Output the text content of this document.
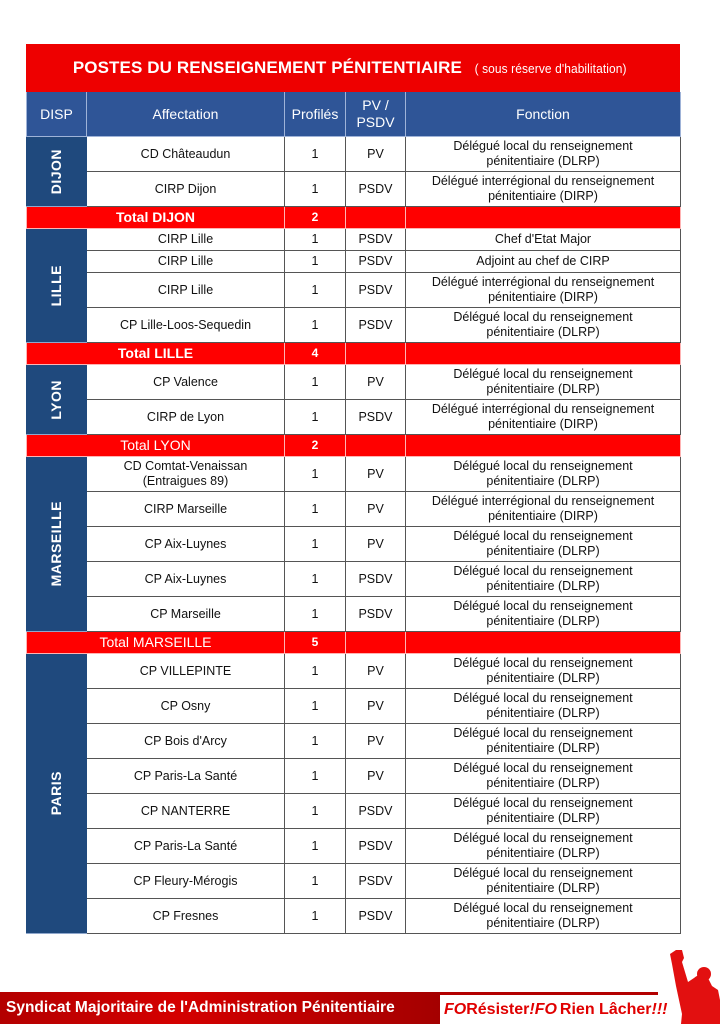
POSTES DU RENSEIGNEMENT PÉNITENTIAIRE ( sous réserve d'habilitation)
DISP	Affectation	Profilés	PV / PSDV	Fonction

DIJON	CD Châteaudun	1	PV	Délégué local du renseignement pénitentiaire (DLRP)
	CIRP Dijon	1	PSDV	Délégué interrégional du renseignement pénitentiaire (DIRP)
Total DIJON		2		

LILLE	CIRP Lille	1	PSDV	Chef d'Etat Major
	CIRP Lille	1	PSDV	Adjoint au chef de CIRP
	CIRP Lille	1	PSDV	Délégué interrégional du renseignement pénitentiaire (DIRP)
	CP Lille-Loos-Sequedin	1	PSDV	Délégué local du renseignement pénitentiaire (DLRP)
Total LILLE		4		

LYON	CP Valence	1	PV	Délégué local du renseignement pénitentiaire (DLRP)
	CIRP de Lyon	1	PSDV	Délégué interrégional du renseignement pénitentiaire (DIRP)
Total LYON		2		

MARSEILLE	CD Comtat-Venaissan (Entraigues 89)	1	PV	Délégué local du renseignement pénitentiaire (DLRP)
	CIRP Marseille	1	PV	Délégué interrégional du renseignement pénitentiaire (DIRP)
	CP Aix-Luynes	1	PV	Délégué local du renseignement pénitentiaire (DLRP)
	CP Aix-Luynes	1	PSDV	Délégué local du renseignement pénitentiaire (DLRP)
	CP Marseille	1	PSDV	Délégué local du renseignement pénitentiaire (DLRP)
Total MARSEILLE		5		

PARIS	CP VILLEPINTE	1	PV	Délégué local du renseignement pénitentiaire (DLRP)
	CP Osny	1	PV	Délégué local du renseignement pénitentiaire (DLRP)
	CP Bois d'Arcy	1	PV	Délégué local du renseignement pénitentiaire (DLRP)
	CP Paris-La Santé	1	PV	Délégué local du renseignement pénitentiaire (DLRP)
	CP NANTERRE	1	PSDV	Délégué local du renseignement pénitentiaire (DLRP)
	CP Paris-La Santé	1	PSDV	Délégué local du renseignement pénitentiaire (DLRP)
	CP Fleury-Mérogis	1	PSDV	Délégué local du renseignement pénitentiaire (DLRP)
	CP Fresnes	1	PSDV	Délégué local du renseignement pénitentiaire (DLRP)
Syndicat Majoritaire de l'Administration Pénitentiaire	FO Résister ! FO Rien Lâcher !!!
